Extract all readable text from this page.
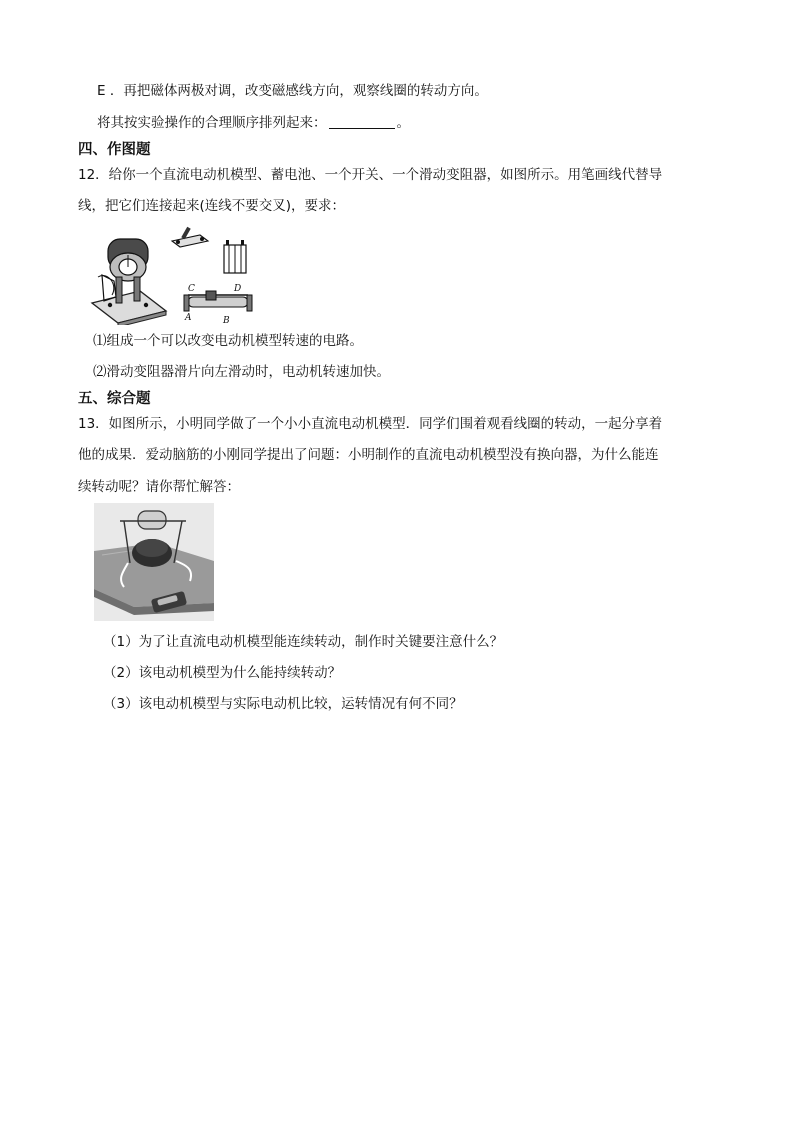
E ．再把磁体两极对调，改变磁感线方向，观察线圈的转动方向。
将其按实验操作的合理顺序排列起来：	。
四、作图题
12．给你一个直流电动机模型、蓄电池、一个开关、一个滑动变阻器，如图所示。用笔画线代替导
线，把它们连接起来(连线不要交叉)，要求：
C	D
A	B
⑴组成一个可以改变电动机模型转速的电路。
⑵滑动变阻器滑片向左滑动时，电动机转速加快。
五、综合题
13．如图所示，小明同学做了一个小小直流电动机模型．同学们围着观看线圈的转动，一起分享着
他的成果．爱动脑筋的小刚同学提出了问题：小明制作的直流电动机模型没有换向器，为什么能连
续转动呢？请你帮忙解答：
（1）为了让直流电动机模型能连续转动，制作时关键要注意什么？
（2）该电动机模型为什么能持续转动？
（3）该电动机模型与实际电动机比较，运转情况有何不同？
